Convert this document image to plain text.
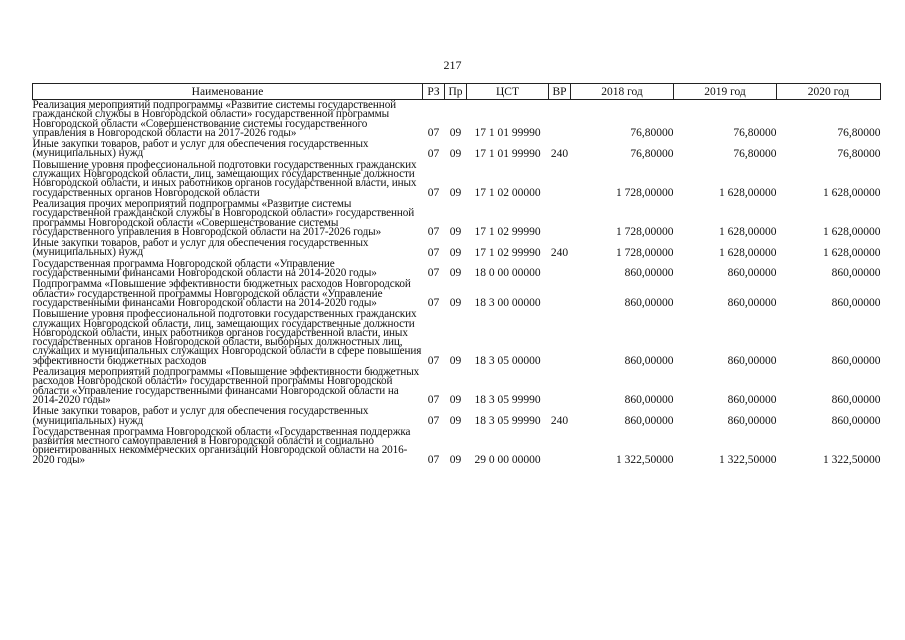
217
Наименование	РЗ	Пр	ЦСТ	ВР	2018 год	2019 год	2020 год
Реализация мероприятий подпрограммы «Развитие системы государственной гражданской службы в Новгородской области» государственной программы Новгородской области «Совершенствование системы государственного управления в Новгородской области на 2017-2026 годы»	07	09	17 1 01 99990		76,80000	76,80000	76,80000
Иные закупки товаров, работ и услуг для обеспечения государственных (муниципальных) нужд	07	09	17 1 01 99990	240	76,80000	76,80000	76,80000
Повышение уровня профессиональной подготовки государственных гражданских служащих Новгородской области, лиц, замещающих государственные должности Новгородской области, и иных работников органов государственной власти, иных государственных органов Новгородской области	07	09	17 1 02 00000		1 728,00000	1 628,00000	1 628,00000
Реализация прочих мероприятий подпрограммы «Развитие системы государственной гражданской службы в Новгородской области» государственной программы Новгородской области «Совершенствование системы государственного управления в Новгородской области на 2017-2026 годы»	07	09	17 1 02 99990		1 728,00000	1 628,00000	1 628,00000
Иные закупки товаров, работ и услуг для обеспечения государственных (муниципальных) нужд	07	09	17 1 02 99990	240	1 728,00000	1 628,00000	1 628,00000
Государственная программа Новгородской области «Управление государственными финансами Новгородской области на 2014-2020 годы»	07	09	18 0 00 00000		860,00000	860,00000	860,00000
Подпрограмма «Повышение эффективности бюджетных расходов Новгородской области» государственной программы Новгородской области «Управление государственными финансами Новгородской области на 2014-2020 годы»	07	09	18 3 00 00000		860,00000	860,00000	860,00000
Повышение уровня профессиональной подготовки государственных гражданских служащих Новгородской области, лиц, замещающих государственные должности Новгородской области, иных работников органов государственной власти, иных государственных органов Новгородской области, выборных должностных лиц, служащих и муниципальных служащих Новгородской области в сфере повышения эффективности бюджетных расходов	07	09	18 3 05 00000		860,00000	860,00000	860,00000
Реализация мероприятий подпрограммы «Повышение эффективности бюджетных расходов Новгородской области» государственной программы Новгородской области «Управление государственными финансами Новгородской области на 2014-2020 годы»	07	09	18 3 05 99990		860,00000	860,00000	860,00000
Иные закупки товаров, работ и услуг для обеспечения государственных (муниципальных) нужд	07	09	18 3 05 99990	240	860,00000	860,00000	860,00000
Государственная программа Новгородской области «Государственная поддержка развития местного самоуправления в Новгородской области и социально ориентированных некоммерческих организаций Новгородской области на 2016-2020 годы»	07	09	29 0 00 00000		1 322,50000	1 322,50000	1 322,50000
